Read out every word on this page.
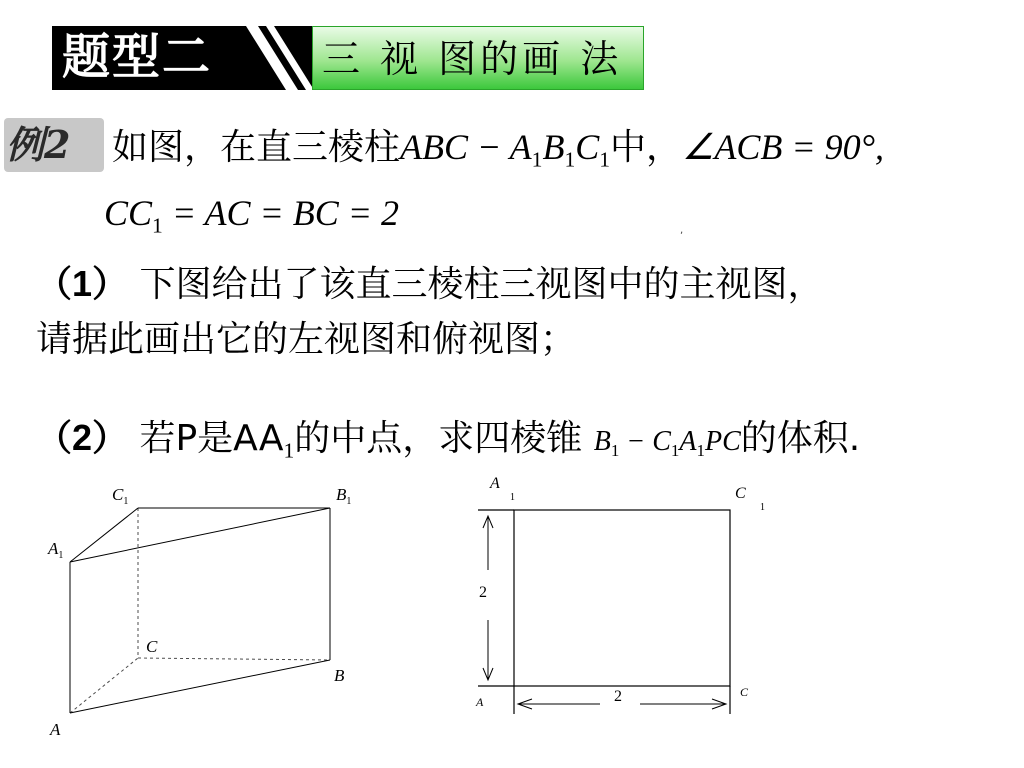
题型二	三 视 图的画 法
例2 如图，在直三棱柱ABC − $A_1B_1C_1$中，∠ACB = 90°,
$CC_1$ = AC = BC = 2	,
（1） 下图给出了该直三棱柱三视图中的主视图，
请据此画出它的左视图和俯视图；
（2） 若P是$AA_1$的中点，求四棱锥 $B_1 - C_1A_1PC$的体积.
$C_1$	$B_1$
$A_1$
C
B
A
2
2
A
1	C
1
A
C
